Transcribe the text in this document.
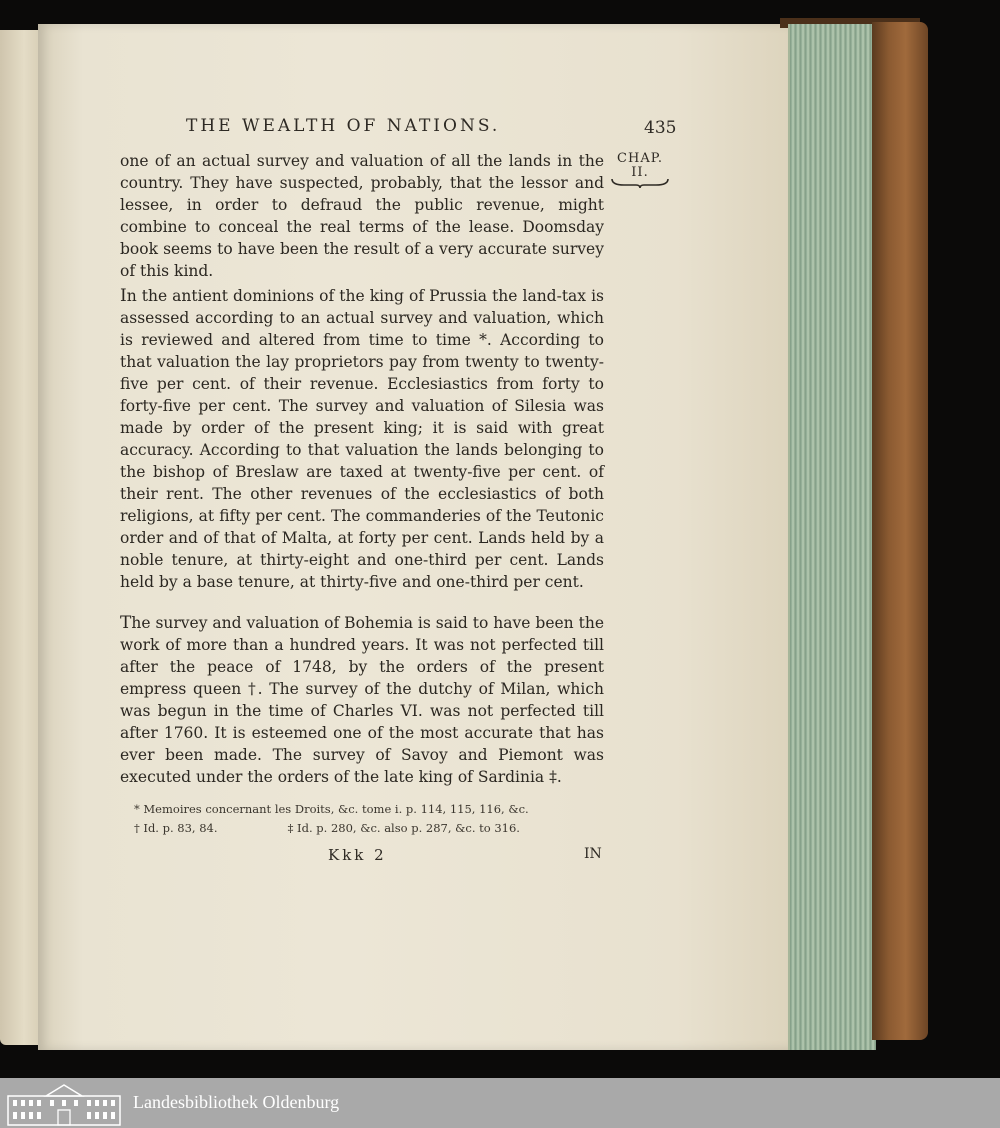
THE WEALTH OF NATIONS.	435
CHAP.
II.
one of an actual survey and valuation of all the lands in the country. They have suspected, probably, that the lessor and lessee, in order to defraud the public revenue, might combine to conceal the real terms of the lease. Doomsday book seems to have been the result of a very accurate survey of this kind.
In the antient dominions of the king of Prussia the land-tax is assessed according to an actual survey and valuation, which is reviewed and altered from time to time *. According to that valuation the lay proprietors pay from twenty to twenty-five per cent. of their revenue. Ecclesiastics from forty to forty-five per cent. The survey and valuation of Silesia was made by order of the present king; it is said with great accuracy. According to that valuation the lands belonging to the bishop of Breslaw are taxed at twenty-five per cent. of their rent. The other revenues of the ecclesiastics of both religions, at fifty per cent. The commanderies of the Teutonic order and of that of Malta, at forty per cent. Lands held by a noble tenure, at thirty-eight and one-third per cent. Lands held by a base tenure, at thirty-five and one-third per cent.
The survey and valuation of Bohemia is said to have been the work of more than a hundred years. It was not perfected till after the peace of 1748, by the orders of the present empress queen †. The survey of the dutchy of Milan, which was begun in the time of Charles VI. was not perfected till after 1760. It is esteemed one of the most accurate that has ever been made. The survey of Savoy and Piemont was executed under the orders of the late king of Sardinia ‡.
* Memoires concernant les Droits, &c. tome i. p. 114, 115, 116, &c.
† Id. p. 83, 84.	‡ Id. p. 280, &c. also p. 287, &c. to 316.
Kkk 2	IN
Landesbibliothek Oldenburg
